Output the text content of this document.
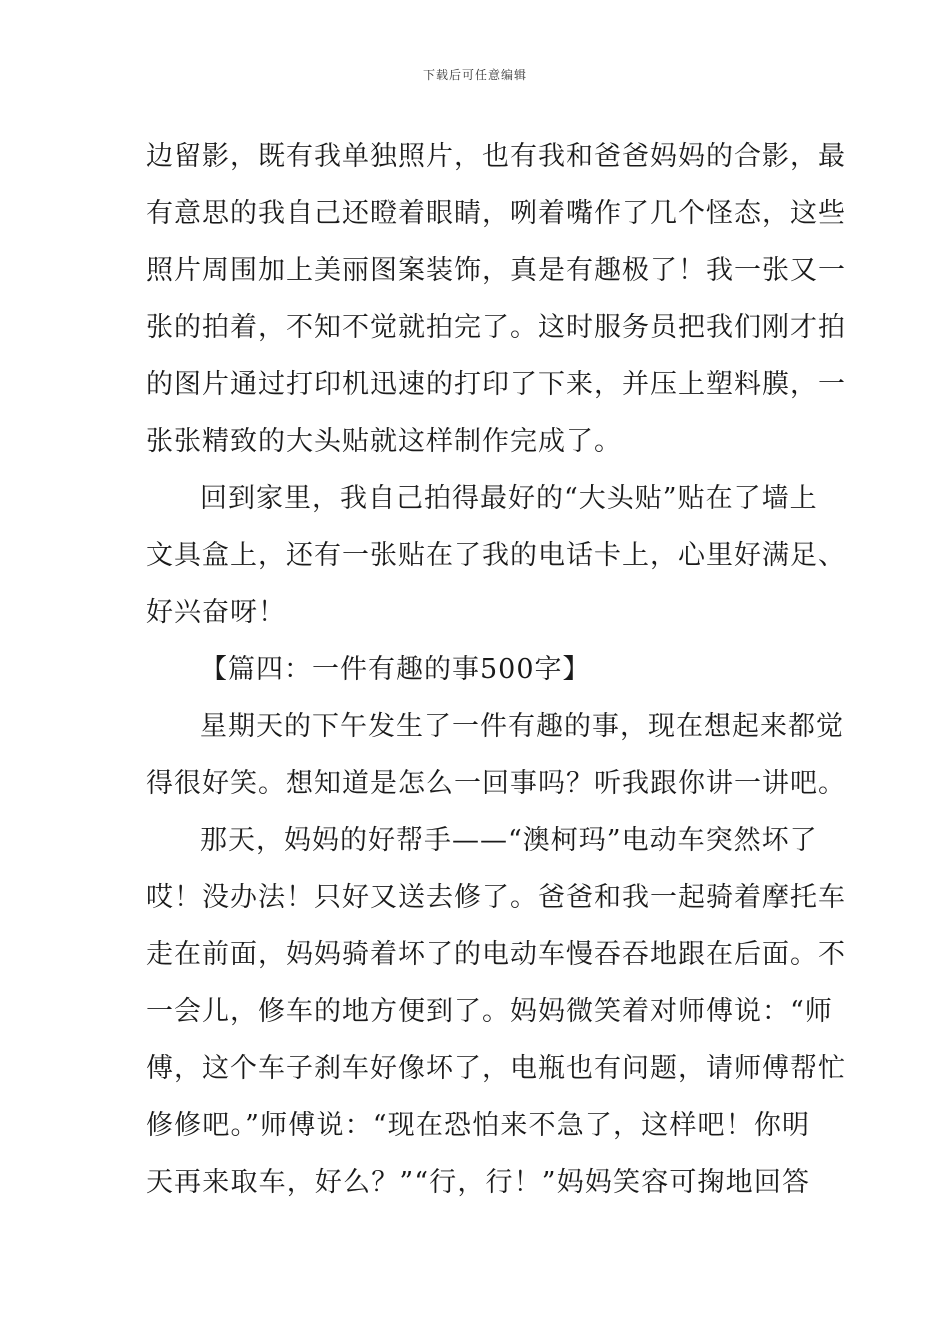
下载后可任意编辑
边留影，既有我单独照片，也有我和爸爸妈妈的合影，最
有意思的我自己还瞪着眼睛，咧着嘴作了几个怪态，这些
照片周围加上美丽图案装饰，真是有趣极了！我一张又一
张的拍着，不知不觉就拍完了。这时服务员把我们刚才拍
的图片通过打印机迅速的打印了下来，并压上塑料膜，一
张张精致的大头贴就这样制作完成了。
回到家里，我自己拍得最好的“大头贴”贴在了墙上
文具盒上，还有一张贴在了我的电话卡上，心里好满足、
好兴奋呀！
【篇四：一件有趣的事500字】
星期天的下午发生了一件有趣的事，现在想起来都觉
得很好笑。想知道是怎么一回事吗？听我跟你讲一讲吧。
那天，妈妈的好帮手——“澳柯玛”电动车突然坏了
哎！没办法！只好又送去修了。爸爸和我一起骑着摩托车
走在前面，妈妈骑着坏了的电动车慢吞吞地跟在后面。不
一会儿，修车的地方便到了。妈妈微笑着对师傅说：“师
傅，这个车子刹车好像坏了，电瓶也有问题，请师傅帮忙
修修吧。”师傅说：“现在恐怕来不急了，这样吧！你明
天再来取车，好么？”“行，行！”妈妈笑容可掬地回答
